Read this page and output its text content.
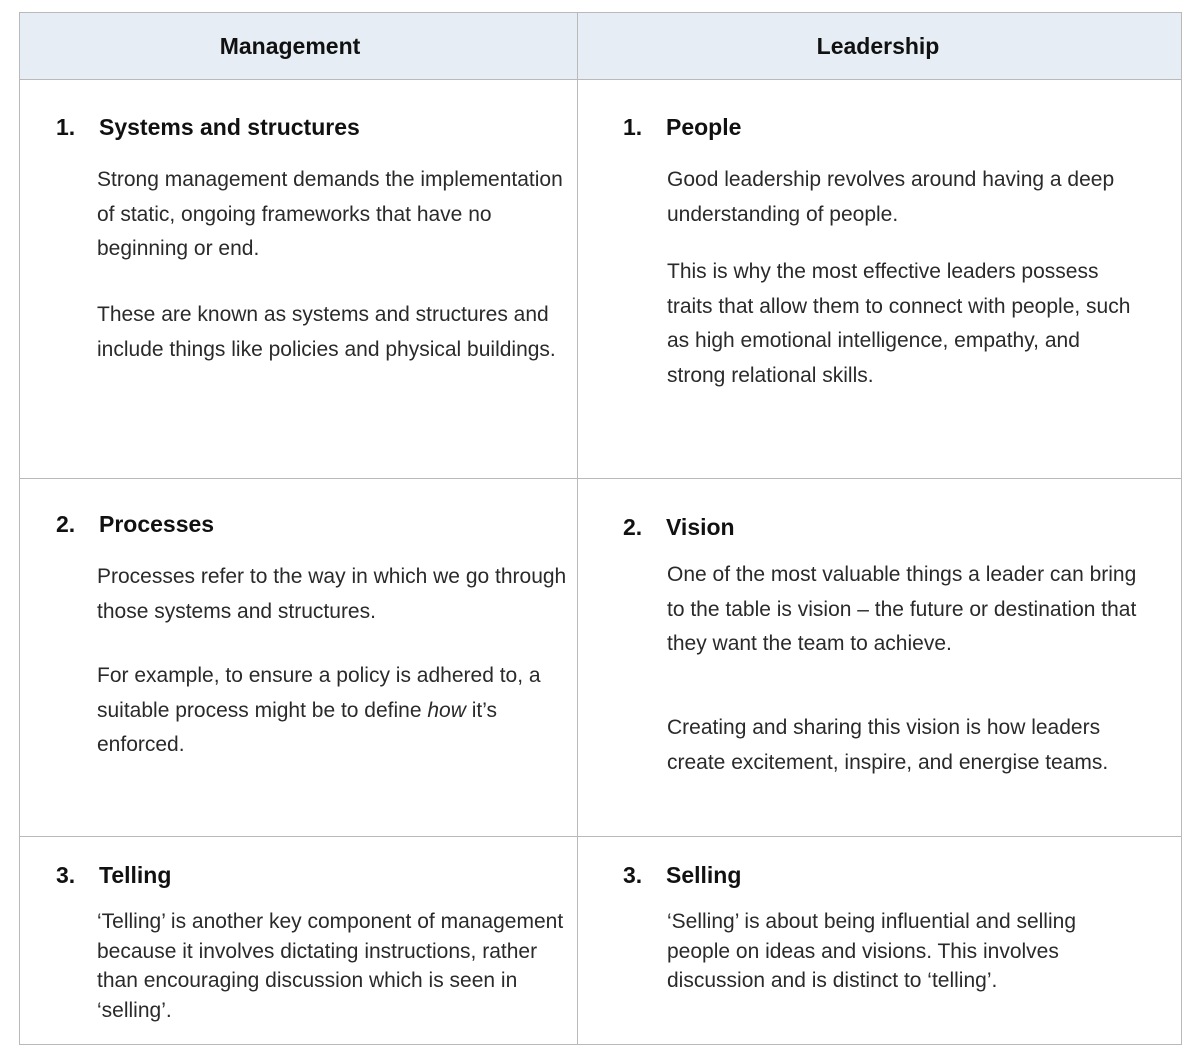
Management	Leadership
1. Systems and structures

Strong management demands the implementation of static, ongoing frameworks that have no beginning or end.

These are known as systems and structures and include things like policies and physical buildings.

1. People

Good leadership revolves around having a deep understanding of people.

This is why the most effective leaders possess traits that allow them to connect with people, such as high emotional intelligence, empathy, and strong relational skills.

2. Processes

Processes refer to the way in which we go through those systems and structures.

For example, to ensure a policy is adhered to, a suitable process might be to define how it’s enforced.

2. Vision

One of the most valuable things a leader can bring to the table is vision – the future or destination that they want the team to achieve.

Creating and sharing this vision is how leaders create excitement, inspire, and energise teams.

3. Telling

‘Telling’ is another key component of management because it involves dictating instructions, rather than encouraging discussion which is seen in ‘selling’.

3. Selling

‘Selling’ is about being influential and selling people on ideas and visions. This involves discussion and is distinct to ‘telling’.
